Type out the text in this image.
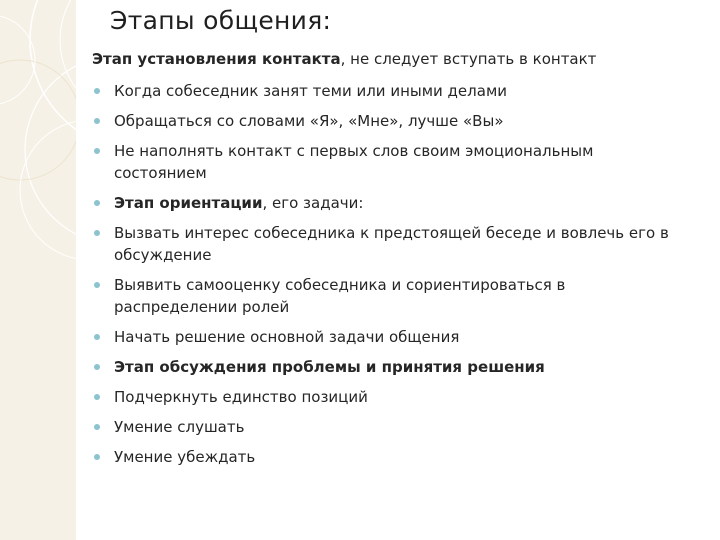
Этапы общения:
Этап установления контакта, не следует вступать в контакт
Когда собеседник занят теми или иными делами
Обращаться со словами «Я», «Мне», лучше «Вы»
Не наполнять контакт с первых слов своим эмоциональным состоянием
Этап ориентации, его задачи:
Вызвать интерес собеседника к предстоящей беседе и вовлечь его в обсуждение
Выявить самооценку собеседника и сориентироваться в распределении ролей
Начать решение основной задачи общения
Этап обсуждения проблемы и принятия решения
Подчеркнуть единство позиций
Умение слушать
Умение убеждать
